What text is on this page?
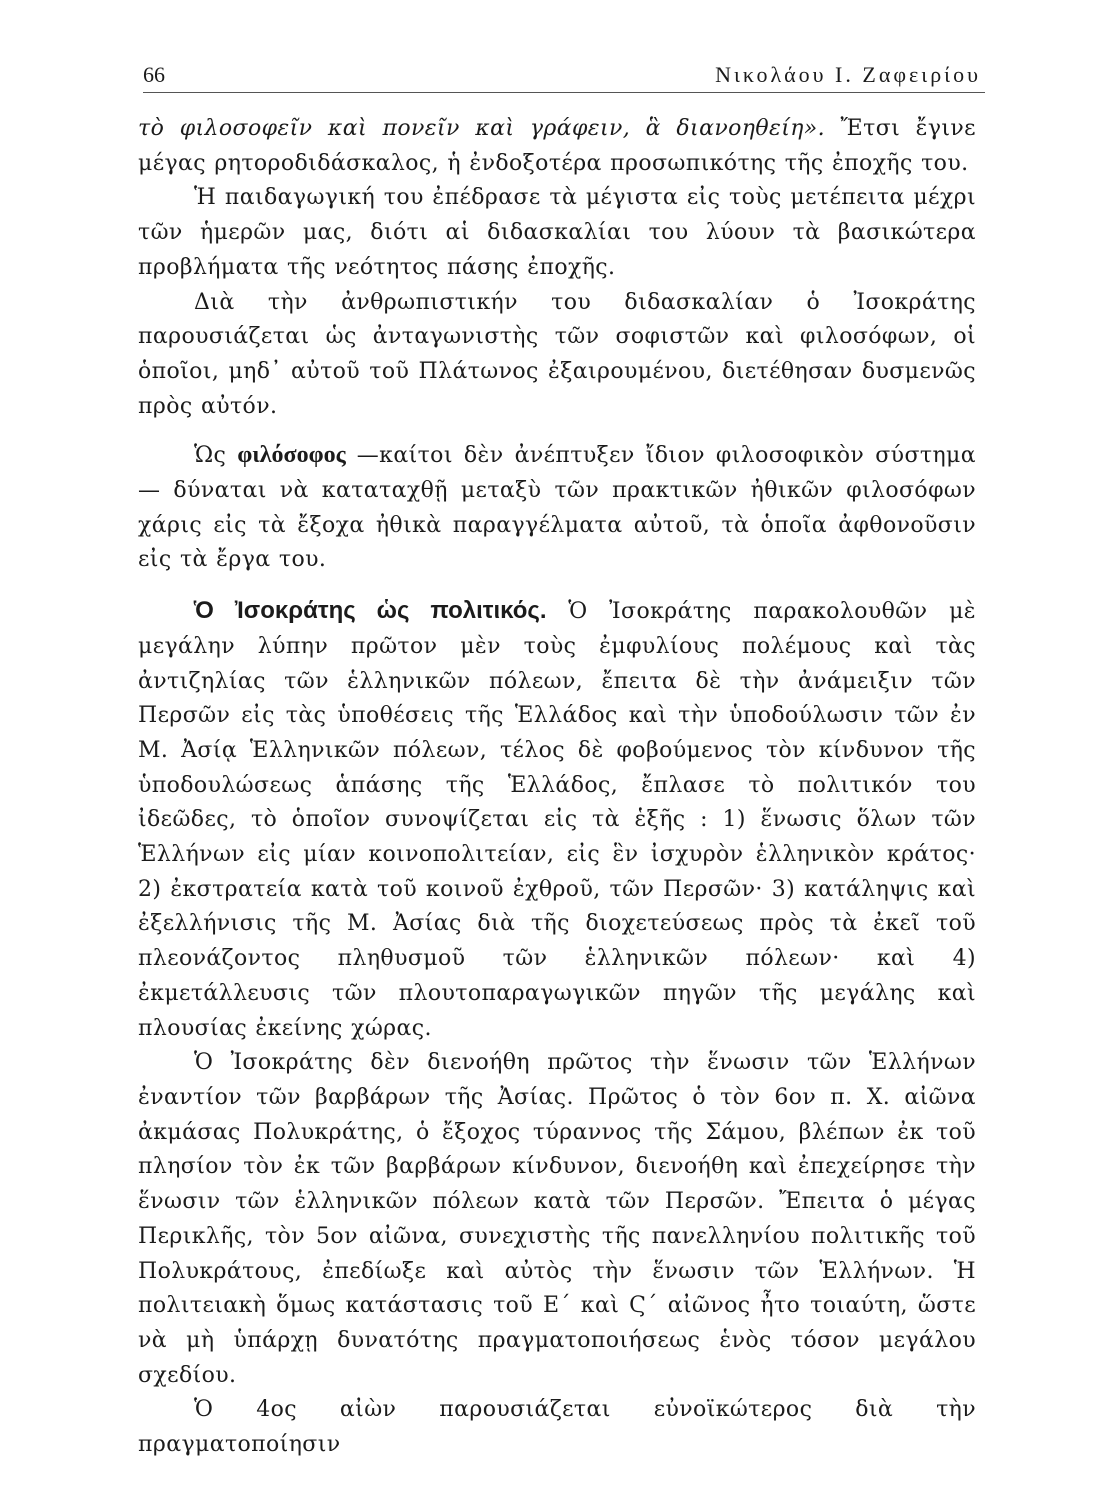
66	Νικολάου Ι. Ζαφειρίου

τὸ φιλοσοφεῖν καὶ πονεῖν καὶ γράφειν, ἃ διανοηθείη». Ἔτσι ἔγινε μέγας ρητοροδιδάσκαλος, ἡ ἐνδοξοτέρα προσωπικότης τῆς ἐποχῆς του.

Ἡ παιδαγωγική του ἐπέδρασε τὰ μέγιστα εἰς τοὺς μετέπειτα μέχρι τῶν ἡμερῶν μας, διότι αἱ διδασκαλίαι του λύουν τὰ βασικώτερα προβλήματα τῆς νεότητος πάσης ἐποχῆς.

Διὰ τὴν ἀνθρωπιστικήν του διδασκαλίαν ὁ Ἰσοκράτης παρουσιάζεται ὡς ἀνταγωνιστὴς τῶν σοφιστῶν καὶ φιλοσόφων, οἱ ὁποῖοι, μηδ᾽ αὐτοῦ τοῦ Πλάτωνος ἐξαιρουμένου, διετέθησαν δυσμενῶς πρὸς αὐτόν.

Ὡς φιλόσοφος —καίτοι δὲν ἀνέπτυξεν ἴδιον φιλοσοφικὸν σύστημα— δύναται νὰ καταταχθῇ μεταξὺ τῶν πρακτικῶν ἠθικῶν φιλοσόφων χάρις εἰς τὰ ἔξοχα ἠθικὰ παραγγέλματα αὐτοῦ, τὰ ὁποῖα ἀφθονοῦσιν εἰς τὰ ἔργα του.

Ὁ Ἰσοκράτης ὡς πολιτικός. Ὁ Ἰσοκράτης παρακολουθῶν μὲ μεγάλην λύπην πρῶτον μὲν τοὺς ἐμφυλίους πολέμους καὶ τὰς ἀντιζηλίας τῶν ἑλληνικῶν πόλεων, ἔπειτα δὲ τὴν ἀνάμειξιν τῶν Περσῶν εἰς τὰς ὑποθέσεις τῆς Ἑλλάδος καὶ τὴν ὑποδούλωσιν τῶν ἐν Μ. Ἀσίᾳ Ἑλληνικῶν πόλεων, τέλος δὲ φοβούμενος τὸν κίνδυνον τῆς ὑποδουλώσεως ἁπάσης τῆς Ἑλλάδος, ἔπλασε τὸ πολιτικόν του ἰδεῶδες, τὸ ὁποῖον συνοψίζεται εἰς τὰ ἑξῆς : 1) ἕνωσις ὅλων τῶν Ἑλλήνων εἰς μίαν κοινοπολιτείαν, εἰς ἓν ἰσχυρὸν ἑλληνικὸν κράτος· 2) ἐκστρατεία κατὰ τοῦ κοινοῦ ἐχθροῦ, τῶν Περσῶν· 3) κατάληψις καὶ ἐξελλήνισις τῆς Μ. Ἀσίας διὰ τῆς διοχετεύσεως πρὸς τὰ ἐκεῖ τοῦ πλεονάζοντος πληθυσμοῦ τῶν ἑλληνικῶν πόλεων· καὶ 4) ἐκμετάλλευσις τῶν πλουτοπαραγωγικῶν πηγῶν τῆς μεγάλης καὶ πλουσίας ἐκείνης χώρας.

Ὁ Ἰσοκράτης δὲν διενοήθη πρῶτος τὴν ἕνωσιν τῶν Ἑλλήνων ἐναντίον τῶν βαρβάρων τῆς Ἀσίας. Πρῶτος ὁ τὸν 6ον π. Χ. αἰῶνα ἀκμάσας Πολυκράτης, ὁ ἔξοχος τύραννος τῆς Σάμου, βλέπων ἐκ τοῦ πλησίον τὸν ἐκ τῶν βαρβάρων κίνδυνον, διενοήθη καὶ ἐπεχείρησε τὴν ἕνωσιν τῶν ἑλληνικῶν πόλεων κατὰ τῶν Περσῶν. Ἔπειτα ὁ μέγας Περικλῆς, τὸν 5ον αἰῶνα, συνεχιστὴς τῆς πανελληνίου πολιτικῆς τοῦ Πολυκράτους, ἐπεδίωξε καὶ αὐτὸς τὴν ἕνωσιν τῶν Ἑλλήνων. Ἡ πολιτειακὴ ὅμως κατάστασις τοῦ Ε΄ καὶ Ϛ΄ αἰῶνος ἦτο τοιαύτη, ὥστε νὰ μὴ ὑπάρχῃ δυνατότης πραγματοποιήσεως ἑνὸς τόσον μεγάλου σχεδίου.

Ὁ 4ος αἰὼν παρουσιάζεται εὐνοϊκώτερος διὰ τὴν πραγματοποίησιν
